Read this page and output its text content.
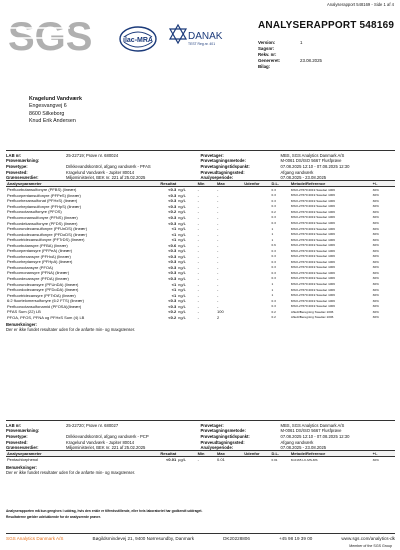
Analyserapport 548169 - Side 1 af 4
SGS	ilac-MRA	DANAK
TEST Reg.nr. 401
ANALYSERAPPORT 548169
Version:	1
Sagsnr:
Rekv. nr:
Genereret:	23.08.2025
Bilag:
Kragelund Vandværk
Engesvangvej 6
8600 Silkeborg
Knud Erik Andersen
LAB nr:	25-22719; Prøve nr. 680024
Prøvemærkning:
Prøvetype:	Drikkevandskontrol, afgang vandværk - PFAS
Prøvested:	Kragelund Vandværk - Jupiter 80014
Grænseværdier:	Miljøministeriet, BEK nr. 221 af 25.02.2025
Prøvetager:	MBS, SGS Analytics Danmark A/S
Prøvetagningsmetode:	M-0061 DS/ISO 5667 Flusfprøve
Prøvetagningstidspunkt:	07.08.2025 12:10 - 07.08.2025 12:30
Prøveudtagningssted:	Afgang vandværk
Analyseperiode:	07.08.2025 - 23.08.2025
Analyseparameter	Resultat		Min	Max	Udenfor	D.L.	Metode/Reference	+/-
Perfluorbutansulfonyre (PFBS) (lineær)	<0.3	ng/L	-	-		0.3	MSO-27670:2019 Swedac 1006	30%
Perfluorpentansulfonyre (PFPeS) (lineær)	<0.3	ng/L	-	-		0.3	MSO-27670:2019 Swedac 1006	30%
Perfluorhexansulfonat (PFHxS) (lineær)	<0.3	ng/L	-	-		0.3	MSO-27670:2019 Swedac 1006	30%
Perfluorheptansulfonyre (PFHpS) (lineær)	<0.3	ng/L	-	-		0.3	MSO-27670:2019 Swedac 1006	30%
Perfluoroctansulfonyre (PFOS)	<0.2	ng/L	-	-		0.2	MSO-27670:2019 Swedac 1006	30%
Perfluornonansulfonyre (PFNS) (lineær)	<0.3	ng/L	-	-		0.3	MSO-27670:2019 Swedac 1006	30%
Perfluordekansulfonyre (PFDS) (lineær)	<0.3	ng/L	-	-		0.3	MSO-27670:2019 Swedac 1006	30%
Perfluorundecansulfonyre (PFUnDS) (lineær)	<1	ng/L	-	-		1	MSO-27670:2019 Swedac 1006	30%
Perfluordodecansulfonyre (PFDoDS) (lineær)	<1	ng/L	-	-		1	MSO-27670:2019 Swedac 1006	30%
Perfluortridecansulfonyre (PFTrDS) (lineær)	<1	ng/L	-	-		1	MSO-27670:2019 Swedac 1006	30%
Perfluorbutansyre (PFBA) (lineær)	<0.6	ng/L	-	-		0.6	MSO-27670:2019 Swedac 1006	30%
Perfluorpentansyre (PFPeA) (lineær)	<0.3	ng/L	-	-		0.3	MSO-27670:2019 Swedac 1006	30%
Perfluorhexansyre (PFHxA) (lineær)	<0.3	ng/L	-	-		0.3	MSO-27670:2019 Swedac 1006	30%
Perfluorheptansyre (PFHpA) (lineær)	<0.3	ng/L	-	-		0.3	MSO-27670:2019 Swedac 1006	30%
Perfluoroctansyre (PFOA)	<0.3	ng/L	-	-		0.3	MSO-27670:2019 Swedac 1006	30%
Perfluornonansyre (PFNA) (lineær)	<0.3	ng/L	-	-		0.3	MSO-27670:2019 Swedac 1006	30%
Perfluordecansyre (PFDA) (lineær)	<0.3	ng/L	-	-		0.3	MSO-27670:2019 Swedac 1006	30%
Perfluorundecansyre (PFUnDA) (lineær)	<1	ng/L	-	-		1	MSO-27670:2019 Swedac 1006	30%
Perfluordodecansyre (PFDoDA) (lineær)	<1	ng/L	-	-		1	MSO-27670:2019 Swedac 1006	30%
Perfluortridecansyre (PFTrDA) (lineær)	<1	ng/L	-	-		1	MSO-27670:2019 Swedac 1006	30%
6:2 fluortelomersulfonyre (6:2 FTS) (lineær)	<0.3	ng/L	-	-		0.3	MSO-27670:2019 Swedac 1006	30%
Perfluoroctansulfonamid (PFOSA)(lineær)	<0.3	ng/L	-	-		0.3	MSO-27670:2019 Swedac 1006	30%
PFAS Sum (22) LB	<0.2	ng/L	-	100		0.2	Afledt/Beregning Swedac 1006	30%
PFOA, PFOS, PFNA og PFHxS Sum (4) LB	<0.2	ng/L	-	2		0.2	Afledt/Beregning Swedac 1006	30%
Bemærkninger:
Der er ikke fundet resultater uden for de anførte min- og maxgrænser.
LAB nr:	25-22720; Prøve nr. 680027
Prøvemærkning:
Prøvetype:	Drikkevandskontrol, afgang vandværk - PCP
Prøvested:	Kragelund Vandværk - Jupiter 80014
Grænseværdier:	Miljøministeriet, BEK nr. 221 af 25.02.2025
Prøvetager:	MBS, SGS Analytics Danmark A/S
Prøvetagningsmetode:	M-0061 DS/ISO 5667 Flusfprøve
Prøvetagningstidspunkt:	07.08.2025 12:10 - 07.08.2025 12:30
Prøveudtagningssted:	Afgang vandværk
Analyseperiode:	07.08.2025 - 23.08.2025
Analyseparameter	Resultat		Min	Max	Udenfor	D.L.	Metode/Reference	+/-
Pentachlorphenol	<0.01	µg/L	-	0.01		0.01	M-0165 LC-MS-MS	30%
Bemærkninger:
Der er ikke fundet resultater uden for de anførte min- og maxgrænser.
Analyserapporten må kun gengives i uddrag, hvis den enkle er tilfredsstillende, eller hvis laboratoriet har godkendt uddraget.
Resultaterne gælder udelukkende for de analyserede prøver.
SGS Analytics Danmark A/S	Bøgildsmindevej 21, 9400 Nørresundby, Danmark	DK20228806	+45 98 19 39 00	www.sgs.com/analytics-dk
Member of the SGS Group
